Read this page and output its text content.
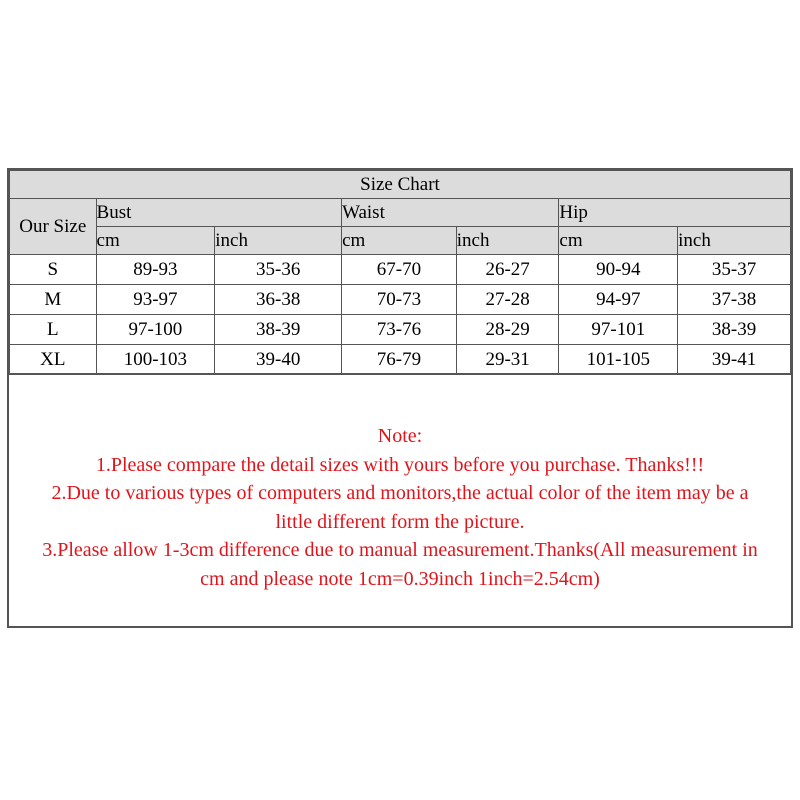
Size Chart						
Our Size	Bust		Waist		Hip	
	cm	inch	cm	inch	cm	inch
S	89-93	35-36	67-70	26-27	90-94	35-37
M	93-97	36-38	70-73	27-28	94-97	37-38
L	97-100	38-39	73-76	28-29	97-101	38-39
XL	100-103	39-40	76-79	29-31	101-105	39-41

Note:

1.Please compare the detail sizes with yours before you purchase. Thanks!!!

2.Due to various types of computers and monitors,the actual color of the item may be a

little different form the picture.

3.Please allow 1-3cm difference due to manual measurement.Thanks(All measurement in

cm and please note 1cm=0.39inch 1inch=2.54cm)
